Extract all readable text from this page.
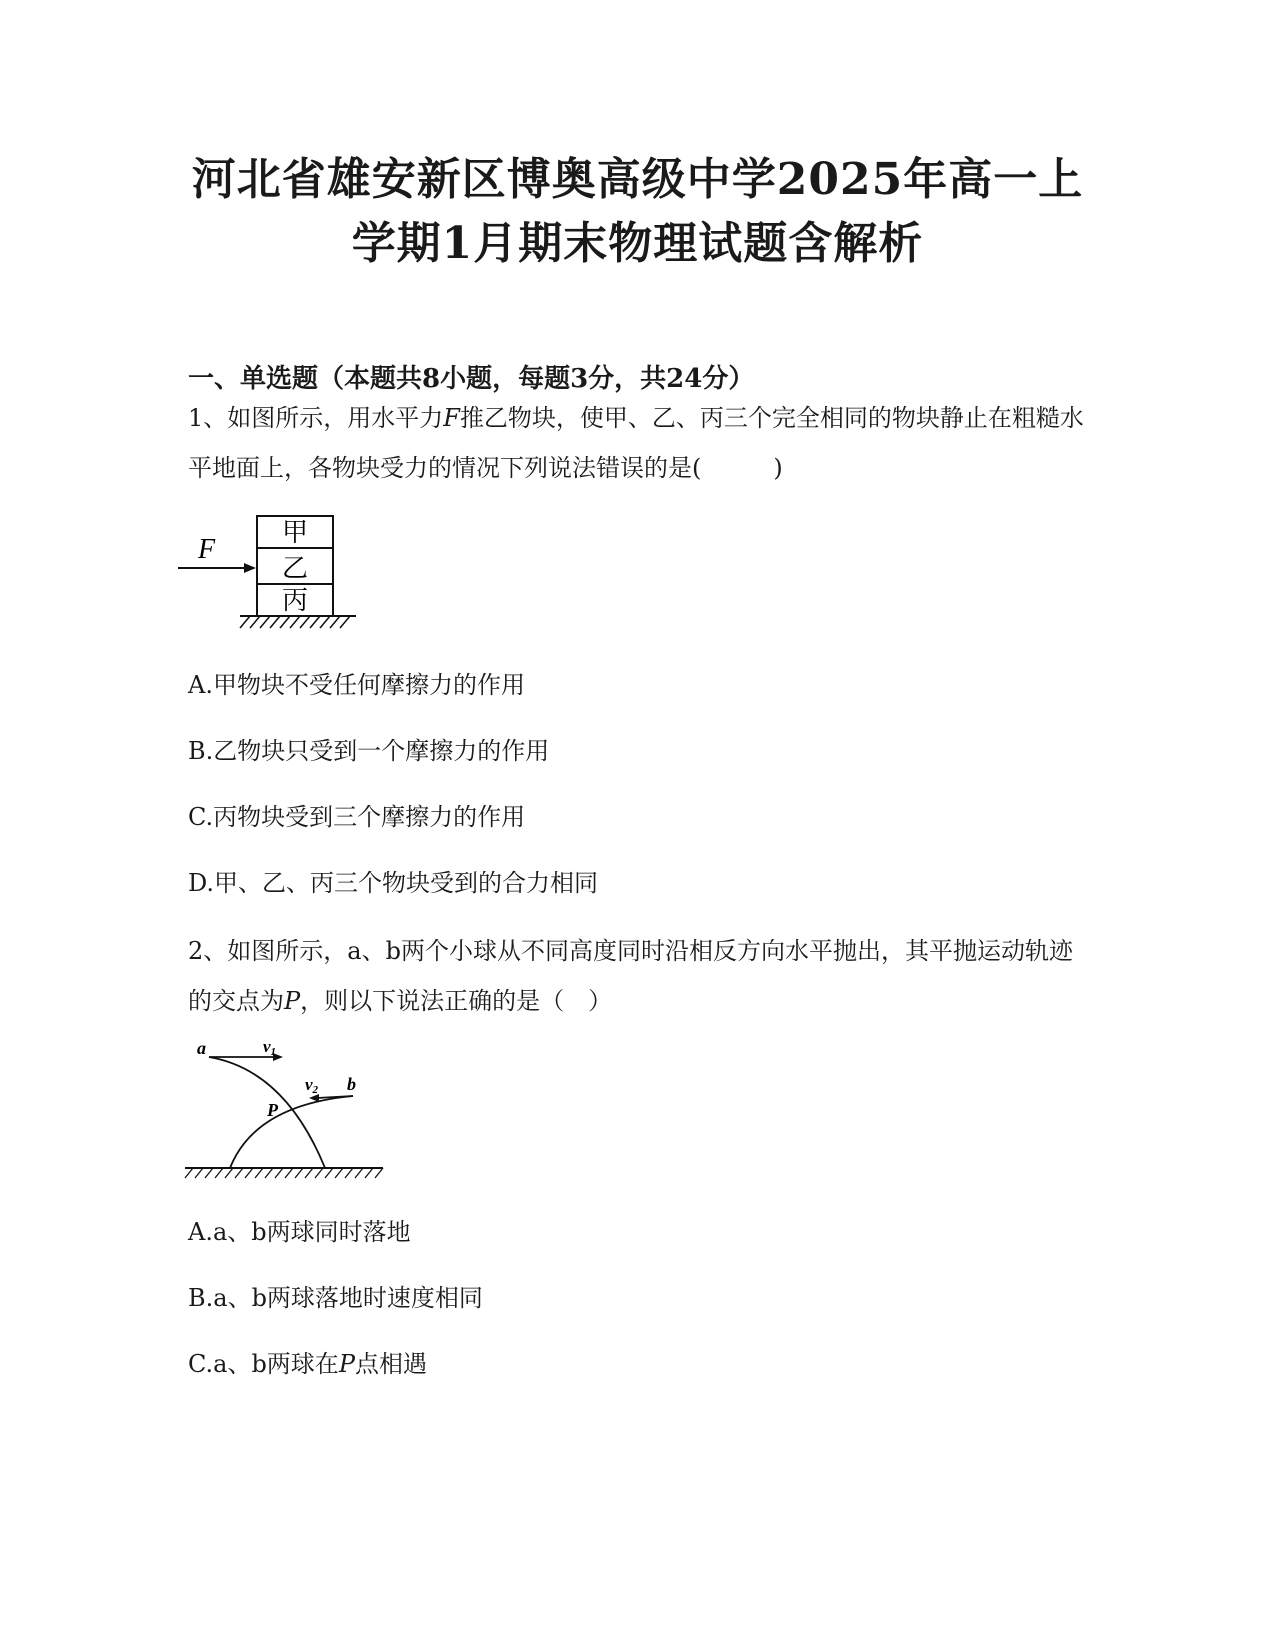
河北省雄安新区博奥高级中学2025年高一上
学期1月期末物理试题含解析
一、单选题（本题共8小题，每题3分，共24分）
1、如图所示，用水平力F推乙物块，使甲、乙、丙三个完全相同的物块静止在粗糙水平地面上，各物块受力的情况下列说法错误的是(　　　)
F
甲
乙
丙
A.甲物块不受任何摩擦力的作用
B.乙物块只受到一个摩擦力的作用
C.丙物块受到三个摩擦力的作用
D.甲、乙、丙三个物块受到的合力相同
2、如图所示，a、b两个小球从不同高度同时沿相反方向水平抛出，其平抛运动轨迹的交点为P，则以下说法正确的是（　）
a	v1
b
v2
P
A.a、b两球同时落地
B.a、b两球落地时速度相同
C.a、b两球在P点相遇
